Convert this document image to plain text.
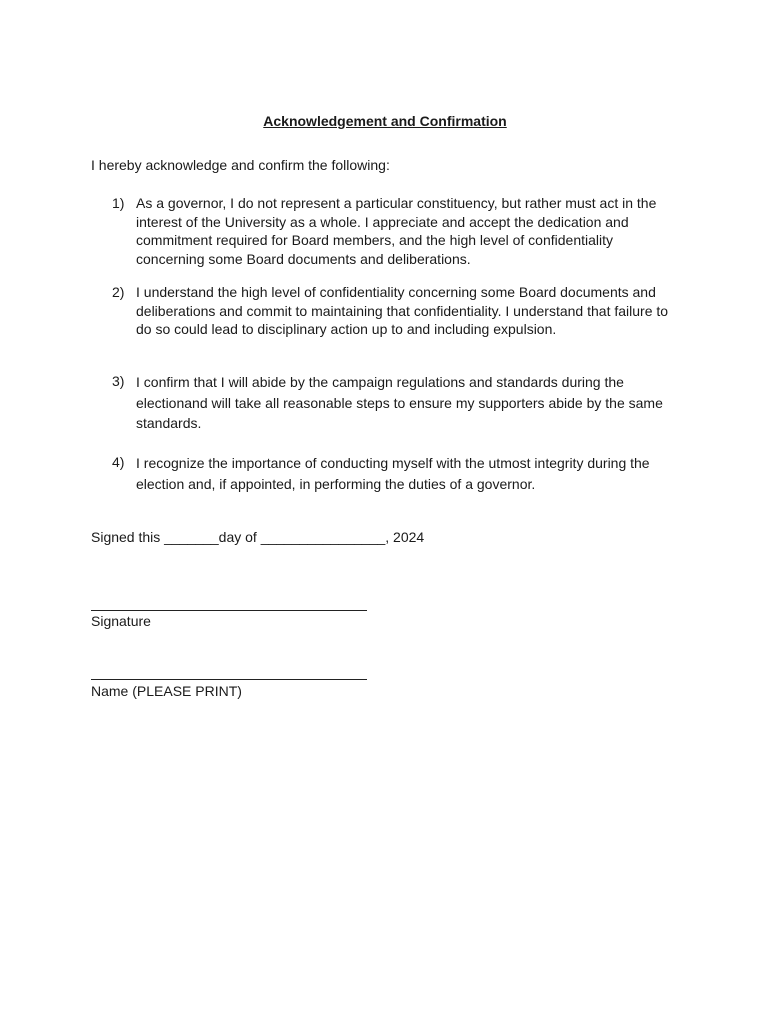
Acknowledgement and Confirmation
I hereby acknowledge and confirm the following:
1) As a governor, I do not represent a particular constituency, but rather must act in the interest of the University as a whole. I appreciate and accept the dedication and commitment required for Board members, and the high level of confidentiality concerning some Board documents and deliberations.
2) I understand the high level of confidentiality concerning some Board documents and deliberations and commit to maintaining that confidentiality. I understand that failure to do so could lead to disciplinary action up to and including expulsion.
3) I confirm that I will abide by the campaign regulations and standards during the electionand will take all reasonable steps to ensure my supporters abide by the same standards.
4) I recognize the importance of conducting myself with the utmost integrity during the election and, if appointed, in performing the duties of a governor.
Signed this _______day of ________________, 2024
Signature
Name (PLEASE PRINT)
